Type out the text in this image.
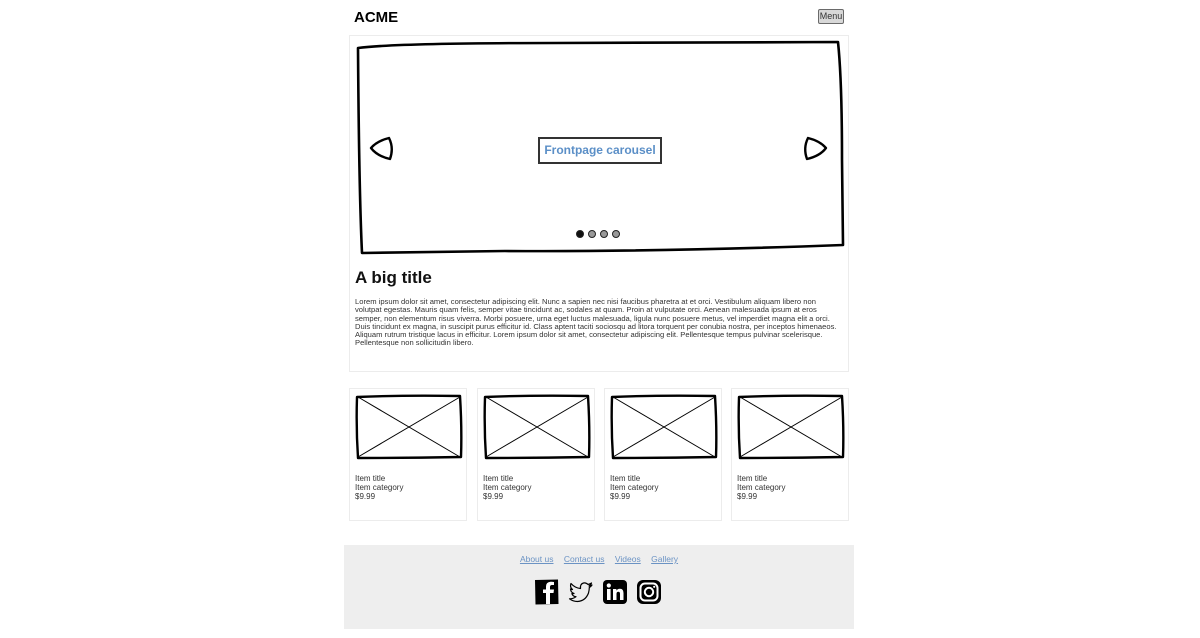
ACME	Menu
Frontpage carousel
A big title
Lorem ipsum dolor sit amet, consectetur adipiscing elit. Nunc a sapien nec nisi faucibus pharetra at et orci. Vestibulum aliquam libero non volutpat egestas. Mauris quam felis, semper vitae tincidunt ac, sodales at quam. Proin at vulputate orci. Aenean malesuada ipsum at eros semper, non elementum risus viverra. Morbi posuere, urna eget luctus malesuada, ligula nunc posuere metus, vel imperdiet magna elit a orci. Duis tincidunt ex magna, in suscipit purus efficitur id. Class aptent taciti sociosqu ad litora torquent per conubia nostra, per inceptos himenaeos. Aliquam rutrum tristique lacus in efficitur. Lorem ipsum dolor sit amet, consectetur adipiscing elit. Pellentesque tempus pulvinar scelerisque. Pellentesque non sollicitudin libero.
Item title
Item category
$9.99
Item title
Item category
$9.99
Item title
Item category
$9.99
Item title
Item category
$9.99
About us Contact us Videos Gallery
